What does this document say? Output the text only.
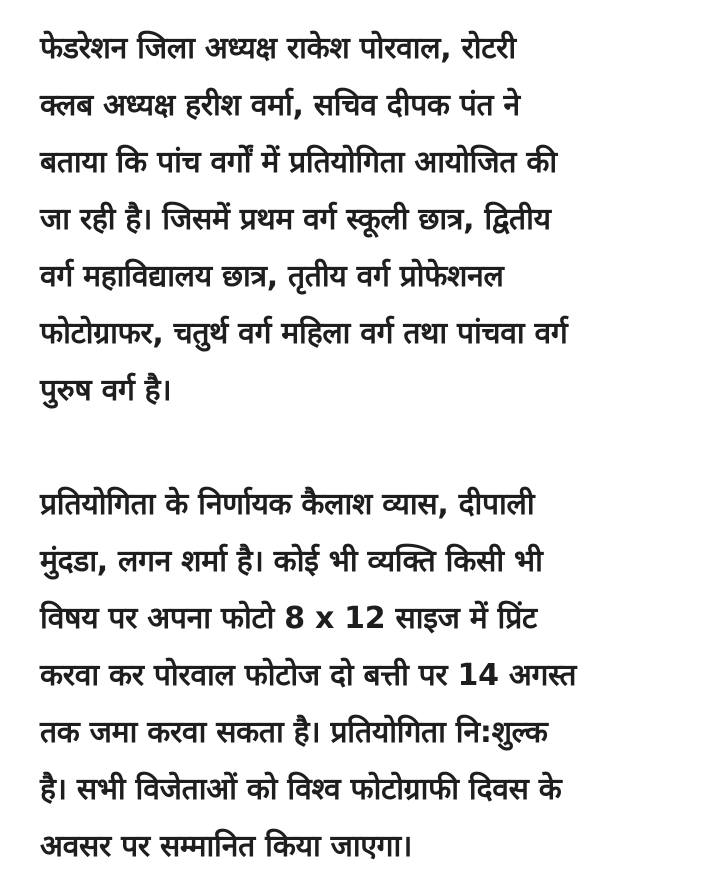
फेडरेशन जिला अध्यक्ष राकेश पोरवाल, रोटरी

क्लब अध्यक्ष हरीश वर्मा, सचिव दीपक पंत ने

बताया कि पांच वर्गों में प्रतियोगिता आयोजित की

जा रही है। जिसमें प्रथम वर्ग स्कूली छात्र, द्वितीय

वर्ग महाविद्यालय छात्र, तृतीय वर्ग प्रोफेशनल

फोटोग्राफर, चतुर्थ वर्ग महिला वर्ग तथा पांचवा वर्ग

पुरुष वर्ग है।

प्रतियोगिता के निर्णायक कैलाश व्यास, दीपाली

मुंदडा, लगन शर्मा है। कोई भी व्यक्ति किसी भी

विषय पर अपना फोटो 8 x 12 साइज में प्रिंट

करवा कर पोरवाल फोटोज दो बत्ती पर 14 अगस्त

तक जमा करवा सकता है। प्रतियोगिता नि:शुल्क

है। सभी विजेताओं को विश्व फोटोग्राफी दिवस के

अवसर पर सम्मानित किया जाएगा।
